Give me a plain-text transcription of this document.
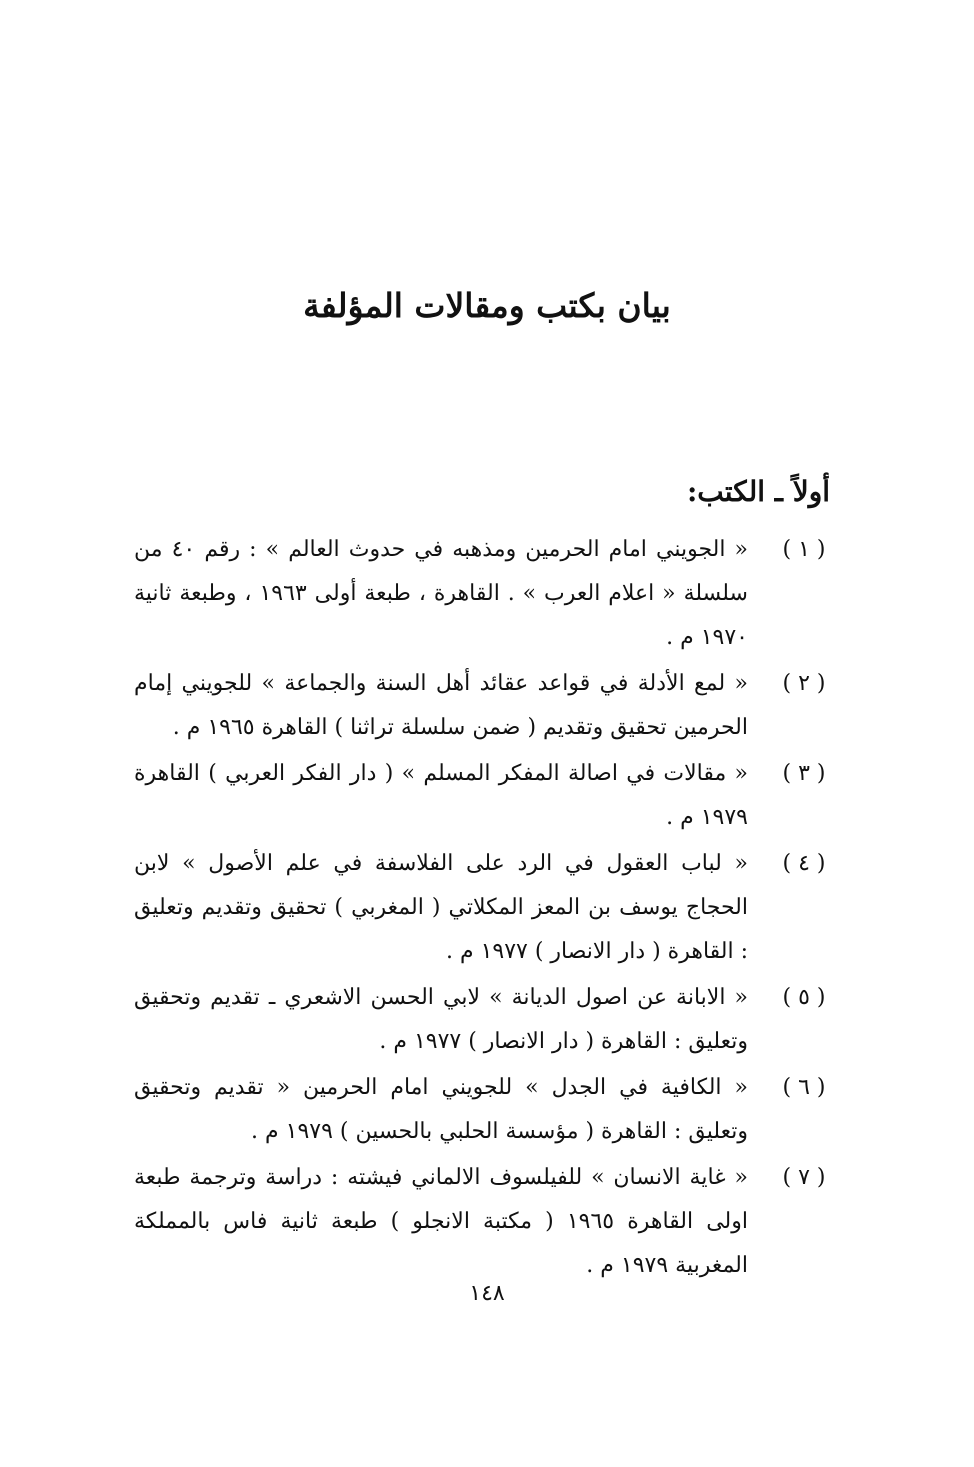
بيان بكتب ومقالات المؤلفة
أولاً ـ الكتب:
( ١ )
« الجويني امام الحرمين ومذهبه في حدوث العالم » : رقم ٤٠ من سلسلة « اعلام العرب » . القاهرة ، طبعة أولى ١٩٦٣ ، وطبعة ثانية ١٩٧٠ م .
( ٢ )
« لمع الأدلة في قواعد عقائد أهل السنة والجماعة » للجويني إمام الحرمين تحقيق وتقديم ( ضمن سلسلة تراثنا ) القاهرة ١٩٦٥ م .
( ٣ )
« مقالات في اصالة المفكر المسلم » ( دار الفكر العربي ) القاهرة ١٩٧٩ م .
( ٤ )
« لباب العقول في الرد على الفلاسفة في علم الأصول » لابن الحجاج يوسف بن المعز المكلاتي ( المغربي ) تحقيق وتقديم وتعليق : القاهرة ( دار الانصار ) ١٩٧٧ م .
( ٥ )
« الابانة عن اصول الديانة » لابي الحسن الاشعري ـ تقديم وتحقيق وتعليق : القاهرة ( دار الانصار ) ١٩٧٧ م .
( ٦ )
« الكافية في الجدل » للجويني امام الحرمين « تقديم وتحقيق وتعليق : القاهرة ( مؤسسة الحلبي بالحسين ) ١٩٧٩ م .
( ٧ )
« غاية الانسان » للفيلسوف الالماني فيشته : دراسة وترجمة طبعة اولى القاهرة ١٩٦٥ ( مكتبة الانجلو ) طبعة ثانية فاس بالمملكة المغربية ١٩٧٩ م .
١٤٨
